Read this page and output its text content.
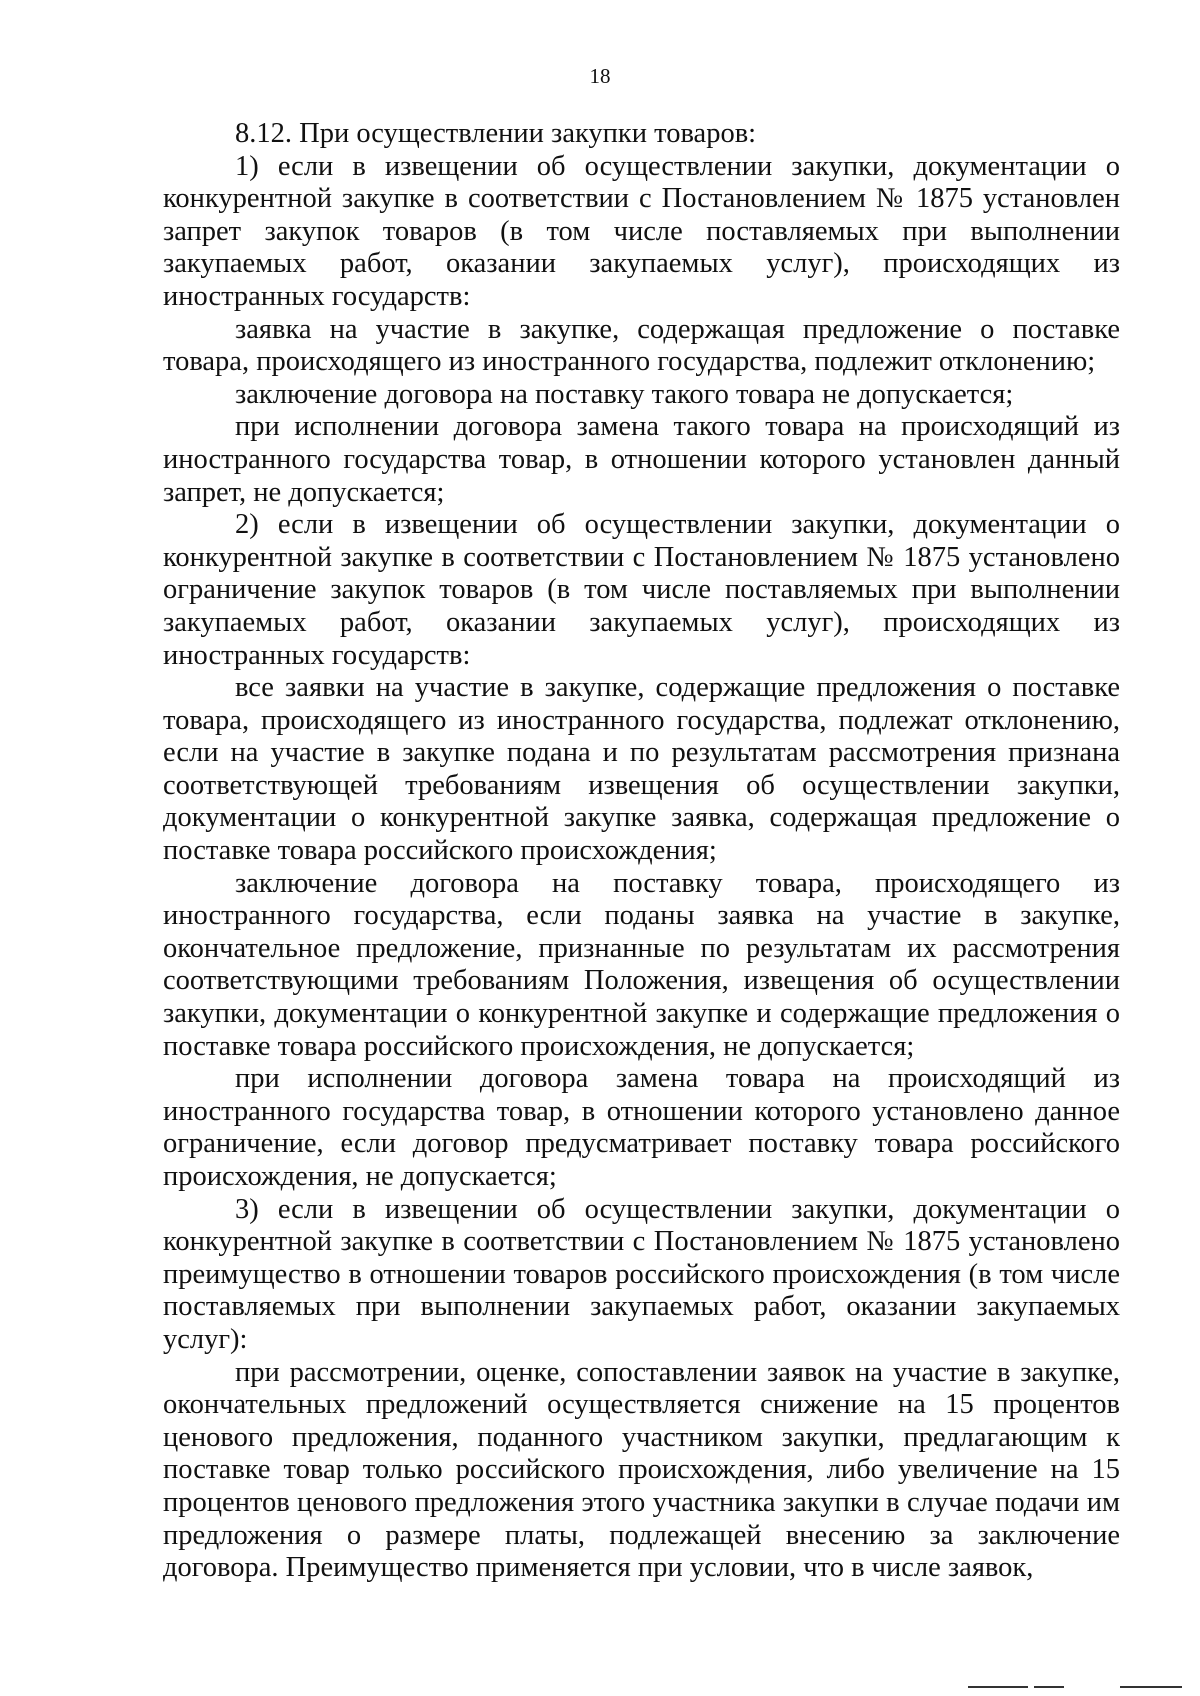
18

8.12. При осуществлении закупки товаров:

1) если в извещении об осуществлении закупки, документации о конкурентной закупке в соответствии с Постановлением № 1875 установлен запрет закупок товаров (в том числе поставляемых при выполнении закупаемых работ, оказании закупаемых услуг), происходящих из иностранных государств:

заявка на участие в закупке, содержащая предложение о поставке товара, происходящего из иностранного государства, подлежит отклонению;

заключение договора на поставку такого товара не допускается;

при исполнении договора замена такого товара на происходящий из иностранного государства товар, в отношении которого установлен данный запрет, не допускается;

2) если в извещении об осуществлении закупки, документации о конкурентной закупке в соответствии с Постановлением № 1875 установлено ограничение закупок товаров (в том числе поставляемых при выполнении закупаемых работ, оказании закупаемых услуг), происходящих из иностранных государств:

все заявки на участие в закупке, содержащие предложения о поставке товара, происходящего из иностранного государства, подлежат отклонению, если на участие в закупке подана и по результатам рассмотрения признана соответствующей требованиям извещения об осуществлении закупки, документации о конкурентной закупке заявка, содержащая предложение о поставке товара российского происхождения;

заключение договора на поставку товара, происходящего из иностранного государства, если поданы заявка на участие в закупке, окончательное предложение, признанные по результатам их рассмотрения соответствующими требованиям Положения, извещения об осуществлении закупки, документации о конкурентной закупке и содержащие предложения о поставке товара российского происхождения, не допускается;

при исполнении договора замена товара на происходящий из иностранного государства товар, в отношении которого установлено данное ограничение, если договор предусматривает поставку товара российского происхождения, не допускается;

3) если в извещении об осуществлении закупки, документации о конкурентной закупке в соответствии с Постановлением № 1875 установлено преимущество в отношении товаров российского происхождения (в том числе поставляемых при выполнении закупаемых работ, оказании закупаемых услуг):

при рассмотрении, оценке, сопоставлении заявок на участие в закупке, окончательных предложений осуществляется снижение на 15 процентов ценового предложения, поданного участником закупки, предлагающим к поставке товар только российского происхождения, либо увеличение на 15 процентов ценового предложения этого участника закупки в случае подачи им предложения о размере платы, подлежащей внесению за заключение договора. Преимущество применяется при условии, что в числе заявок,
